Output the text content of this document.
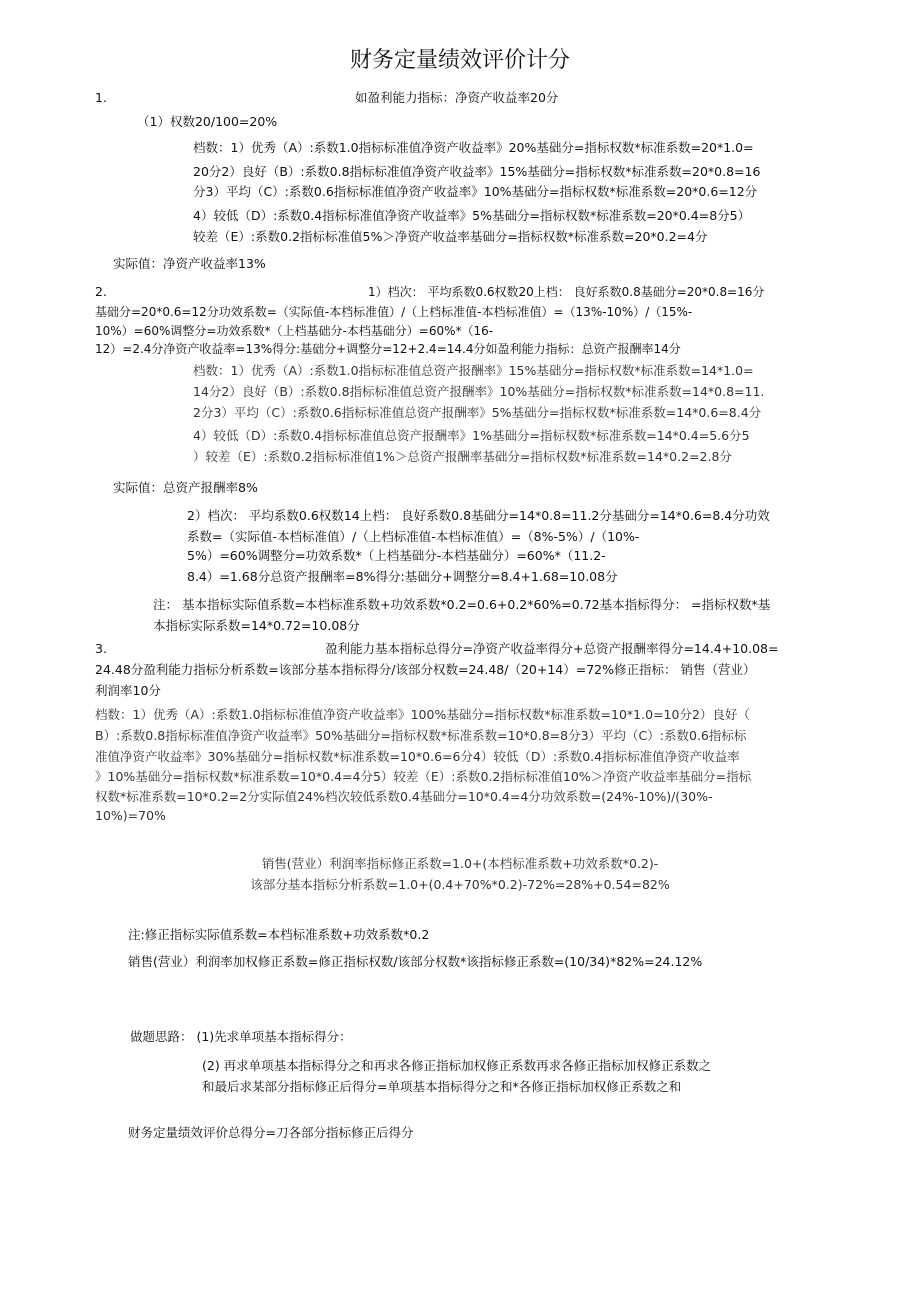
财务定量绩效评价计分
1.	如盈利能力指标：净资产收益率20分
（1）权数20/100=20%
档数：1）优秀（A）:系数1.0指标标准值净资产收益率》20%基础分=指标权数*标准系数=20*1.0=
20分2）良好（B）:系数0.8指标标准值净资产收益率》15%基础分=指标权数*标准系数=20*0.8=16
分3）平均（C）:系数0.6指标标准值净资产收益率》10%基础分=指标权数*标准系数=20*0.6=12分
4）较低（D）:系数0.4指标标准值净资产收益率》5%基础分=指标权数*标准系数=20*0.4=8分5）
较差（E）:系数0.2指标标准值5%＞净资产收益率基础分=指标权数*标准系数=20*0.2=4分
实际值：净资产收益率13%
2.	1）档次： 平均系数0.6权数20上档： 良好系数0.8基础分=20*0.8=16分
基础分=20*0.6=12分功效系数=（实际值-本档标准值）/（上档标准值-本档标准值）=（13%-10%）/（15%-
10%）=60%调整分=功效系数*（上档基础分-本档基础分）=60%*（16-
12）=2.4分净资产收益率=13%得分:基础分+调整分=12+2.4=14.4分如盈利能力指标：总资产报酬率14分
档数：1）优秀（A）:系数1.0指标标准值总资产报酬率》15%基础分=指标权数*标准系数=14*1.0=
14分2）良好（B）:系数0.8指标标准值总资产报酬率》10%基础分=指标权数*标准系数=14*0.8=11.
2分3）平均（C）:系数0.6指标标准值总资产报酬率》5%基础分=指标权数*标准系数=14*0.6=8.4分
4）较低（D）:系数0.4指标标准值总资产报酬率》1%基础分=指标权数*标准系数=14*0.4=5.6分5
）较差（E）:系数0.2指标标准值1%＞总资产报酬率基础分=指标权数*标准系数=14*0.2=2.8分
实际值：总资产报酬率8%
2）档次： 平均系数0.6权数14上档： 良好系数0.8基础分=14*0.8=11.2分基础分=14*0.6=8.4分功效
系数=（实际值-本档标准值）/（上档标准值-本档标准值）=（8%-5%）/（10%-
5%）=60%调整分=功效系数*（上档基础分-本档基础分）=60%*（11.2-
8.4）=1.68分总资产报酬率=8%得分:基础分+调整分=8.4+1.68=10.08分
注： 基本指标实际值系数=本档标准系数+功效系数*0.2=0.6+0.2*60%=0.72基本指标得分： =指标权数*基
本指标实际系数=14*0.72=10.08分
3.	盈利能力基本指标总得分=净资产收益率得分+总资产报酬率得分=14.4+10.08=
24.48分盈利能力指标分析系数=该部分基本指标得分/该部分权数=24.48/（20+14）=72%修正指标： 销售（营业）
利润率10分
档数：1）优秀（A）:系数1.0指标标准值净资产收益率》100%基础分=指标权数*标准系数=10*1.0=10分2）良好（
B）:系数0.8指标标准值净资产收益率》50%基础分=指标权数*标准系数=10*0.8=8分3）平均（C）:系数0.6指标标
准值净资产收益率》30%基础分=指标权数*标准系数=10*0.6=6分4）较低（D）:系数0.4指标标准值净资产收益率
》10%基础分=指标权数*标准系数=10*0.4=4分5）较差（E）:系数0.2指标标准值10%＞净资产收益率基础分=指标
权数*标准系数=10*0.2=2分实际值24%档次较低系数0.4基础分=10*0.4=4分功效系数=(24%-10%)/(30%-
10%)=70%
销售(营业）利润率指标修正系数=1.0+(本档标准系数+功效系数*0.2)-
该部分基本指标分析系数=1.0+(0.4+70%*0.2)-72%=28%+0.54=82%
注:修正指标实际值系数=本档标准系数+功效系数*0.2
销售(营业）利润率加权修正系数=修正指标权数/该部分权数*该指标修正系数=(10/34)*82%=24.12%
做题思路： (1)先求单项基本指标得分：
(2) 再求单项基本指标得分之和再求各修正指标加权修正系数再求各修正指标加权修正系数之
和最后求某部分指标修正后得分=单项基本指标得分之和*各修正指标加权修正系数之和
财务定量绩效评价总得分=刀各部分指标修正后得分
